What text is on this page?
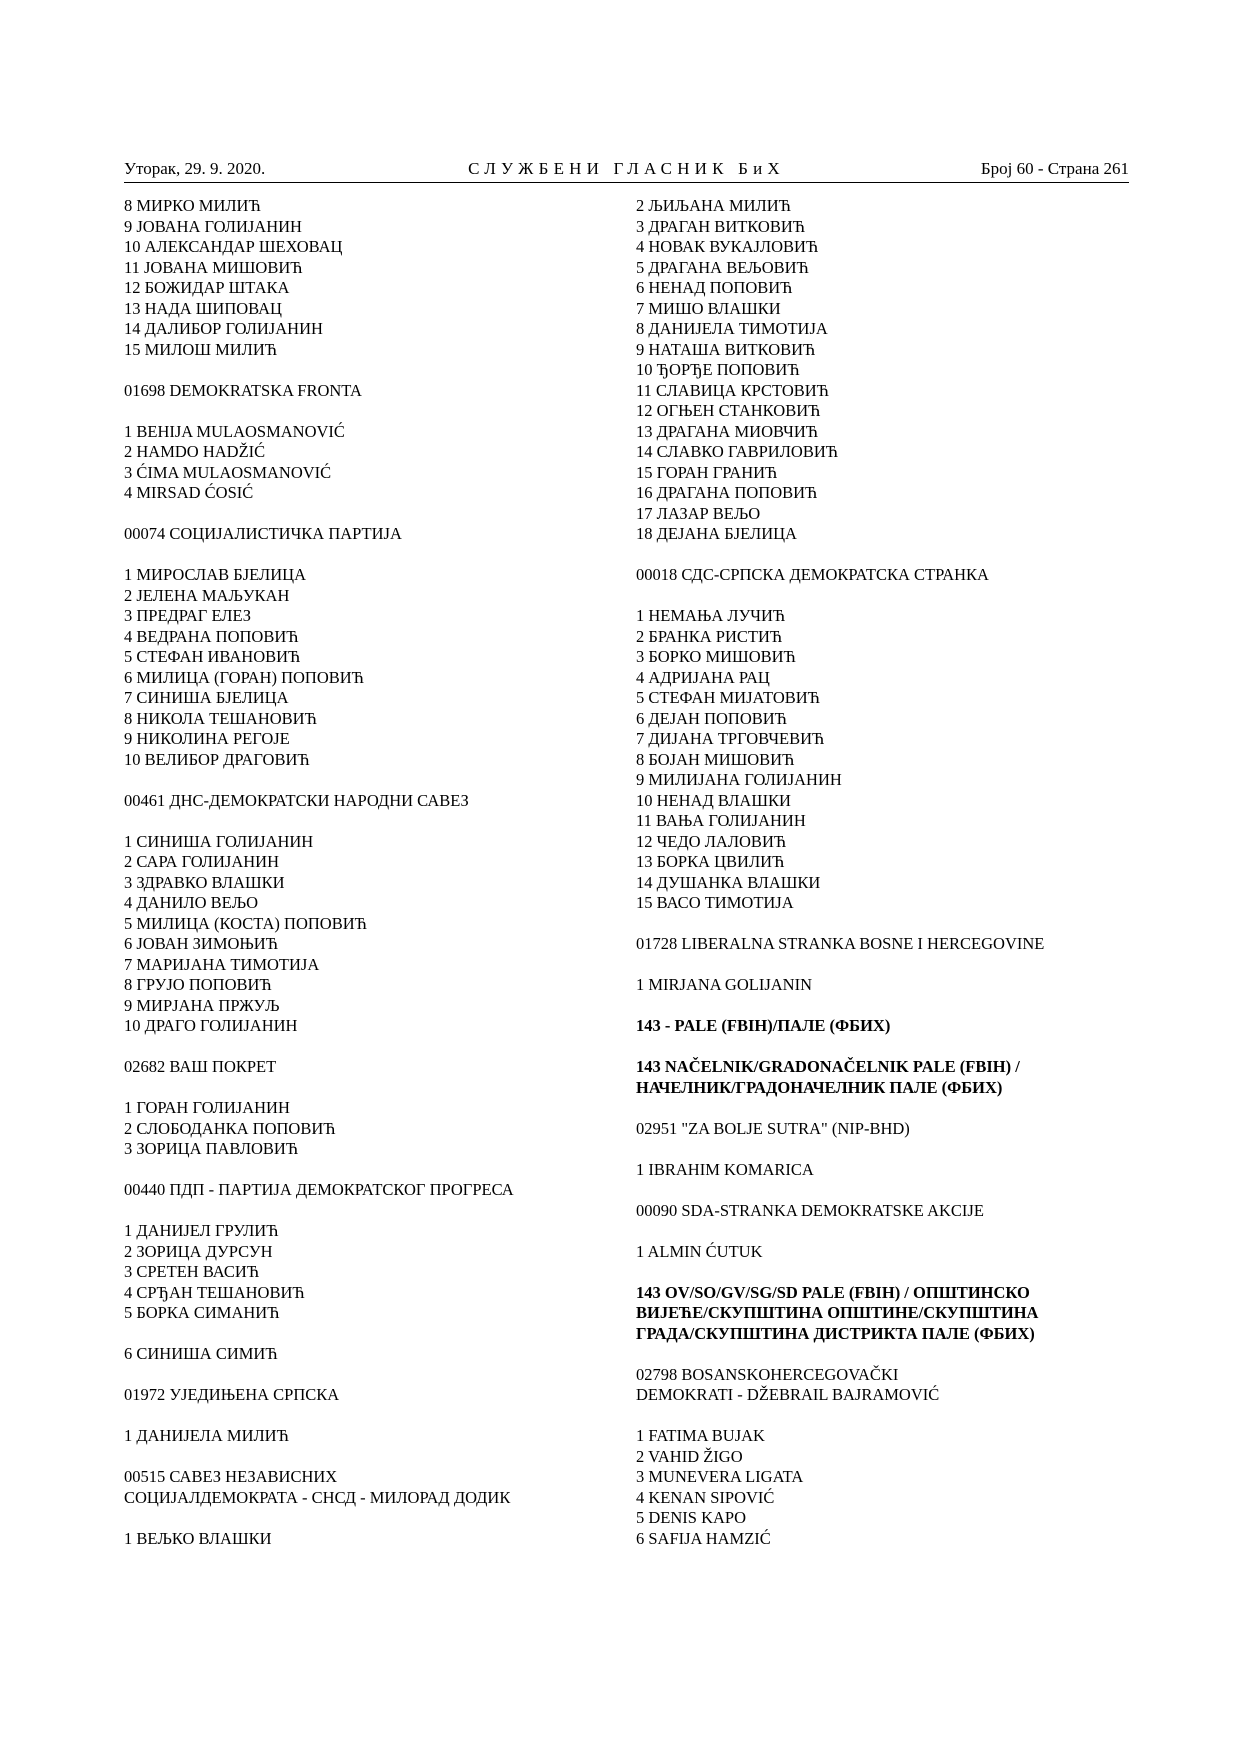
Уторак, 29. 9. 2020.	СЛУЖБЕНИ ГЛАСНИК БиХ	Број 60 - Страна 261
8 МИРКО МИЛИЋ
9 ЈОВАНА ГОЛИЈАНИН
10 АЛЕКСАНДАР ШЕХОВАЦ
11 ЈОВАНА МИШОВИЋ
12 БОЖИДАР ШТАКА
13 НАДА ШИПОВАЦ
14 ДАЛИБОР ГОЛИЈАНИН
15 МИЛОШ МИЛИЋ
01698 DEMOKRATSKA FRONTA
1 BEHIJA MULAOSMANOVIĆ
2 HAMDO HADŽIĆ
3 ĆIMA MULAOSMANOVIĆ
4 MIRSAD ĆOSIĆ
00074 СОЦИЈАЛИСТИЧКА ПАРТИЈА
1 МИРОСЛАВ БЈЕЛИЦА
2 ЈЕЛЕНА МАЉУКАН
3 ПРЕДРАГ ЕЛЕЗ
4 ВЕДРАНА ПОПОВИЋ
5 СТЕФАН ИВАНОВИЋ
6 МИЛИЦА (ГОРАН) ПОПОВИЋ
7 СИНИША БЈЕЛИЦА
8 НИКОЛА ТЕШАНОВИЋ
9 НИКОЛИНА РЕГОЈЕ
10 ВЕЛИБОР ДРАГОВИЋ
00461 ДНС-ДЕМОКРАТСКИ НАРОДНИ САВЕЗ
1 СИНИША ГОЛИЈАНИН
2 САРА ГОЛИЈАНИН
3 ЗДРАВКО ВЛАШКИ
4 ДАНИЛО ВЕЉО
5 МИЛИЦА (КОСТА) ПОПОВИЋ
6 ЈОВАН ЗИМОЊИЋ
7 МАРИЈАНА ТИМОТИЈА
8 ГРУЈО ПОПОВИЋ
9 МИРЈАНА ПРЖУЉ
10 ДРАГО ГОЛИЈАНИН
02682 ВАШ ПОКРЕТ
1 ГОРАН ГОЛИЈАНИН
2 СЛОБОДАНКА ПОПОВИЋ
3 ЗОРИЦА ПАВЛОВИЋ
00440 ПДП - ПАРТИЈА ДЕМОКРАТСКОГ ПРОГРЕСА
1 ДАНИЈЕЛ ГРУЛИЋ
2 ЗОРИЦА ДУРСУН
3 СРЕТЕН ВАСИЋ
4 СРЂАН ТЕШАНОВИЋ
5 БОРКА СИМАНИЋ
6 СИНИША СИМИЋ
01972 УЈЕДИЊЕНА СРПСКА
1 ДАНИЈЕЛА МИЛИЋ
00515 САВЕЗ НЕЗАВИСНИХ
СОЦИЈАЛДЕМОКРАТА - СНСД - МИЛОРАД ДОДИК
1 ВЕЉКО ВЛАШКИ
2 ЉИЉАНА МИЛИЋ
3 ДРАГАН ВИТКОВИЋ
4 НОВАК ВУКАЈЛОВИЋ
5 ДРАГАНА ВЕЉОВИЋ
6 НЕНАД ПОПОВИЋ
7 МИШО ВЛАШКИ
8 ДАНИЈЕЛА ТИМОТИЈА
9 НАТАША ВИТКОВИЋ
10 ЂОРЂЕ ПОПОВИЋ
11 СЛАВИЦА КРСТОВИЋ
12 ОГЊЕН СТАНКОВИЋ
13 ДРАГАНА МИОВЧИЋ
14 СЛАВКО ГАВРИЛОВИЋ
15 ГОРАН ГРАНИЋ
16 ДРАГАНА ПОПОВИЋ
17 ЛАЗАР ВЕЉО
18 ДЕЈАНА БЈЕЛИЦА
00018 СДС-СРПСКА ДЕМОКРАТСКА СТРАНКА
1 НЕМАЊА ЛУЧИЋ
2 БРАНКА РИСТИЋ
3 БОРКО МИШОВИЋ
4 АДРИЈАНА РАЦ
5 СТЕФАН МИЈАТОВИЋ
6 ДЕЈАН ПОПОВИЋ
7 ДИЈАНА ТРГОВЧЕВИЋ
8 БОЈАН МИШОВИЋ
9 МИЛИЈАНА ГОЛИЈАНИН
10 НЕНАД ВЛАШКИ
11 ВАЊА ГОЛИЈАНИН
12 ЧЕДО ЛАЛОВИЋ
13 БОРКА ЦВИЛИЋ
14 ДУШАНКА ВЛАШКИ
15 ВАСО ТИМОТИЈА
01728 LIBERALNA STRANKA BOSNE I HERCEGOVINE
1 MIRJANA GOLIJANIN
143 - PALE (FBIH)/ПАЛЕ (ФБИХ)
143 NAČELNIK/GRADONAČELNIK PALE (FBIH) /
НАЧЕЛНИК/ГРАДОНАЧЕЛНИК ПАЛЕ (ФБИХ)
02951 "ZA BOLJE SUTRA" (NIP-BHD)
1 IBRAHIM KOMARICA
00090 SDA-STRANKA DEMOKRATSKE AKCIJE
1 ALMIN ĆUTUK
143 OV/SO/GV/SG/SD PALE (FBIH) / ОПШТИНСКО
ВИЈЕЋЕ/СКУПШТИНА ОПШТИНЕ/СКУПШТИНА
ГРАДА/СКУПШТИНА ДИСТРИКТА ПАЛЕ (ФБИХ)
02798 BOSANSKOHERCEGOVAČKI
DEMOKRATI - DŽEBRAIL BAJRAMOVIĆ
1 FATIMA BUJAK
2 VAHID ŽIGO
3 MUNEVERA LIGATA
4 KENAN SIPOVIĆ
5 DENIS KAPO
6 SAFIJA HAMZIĆ
